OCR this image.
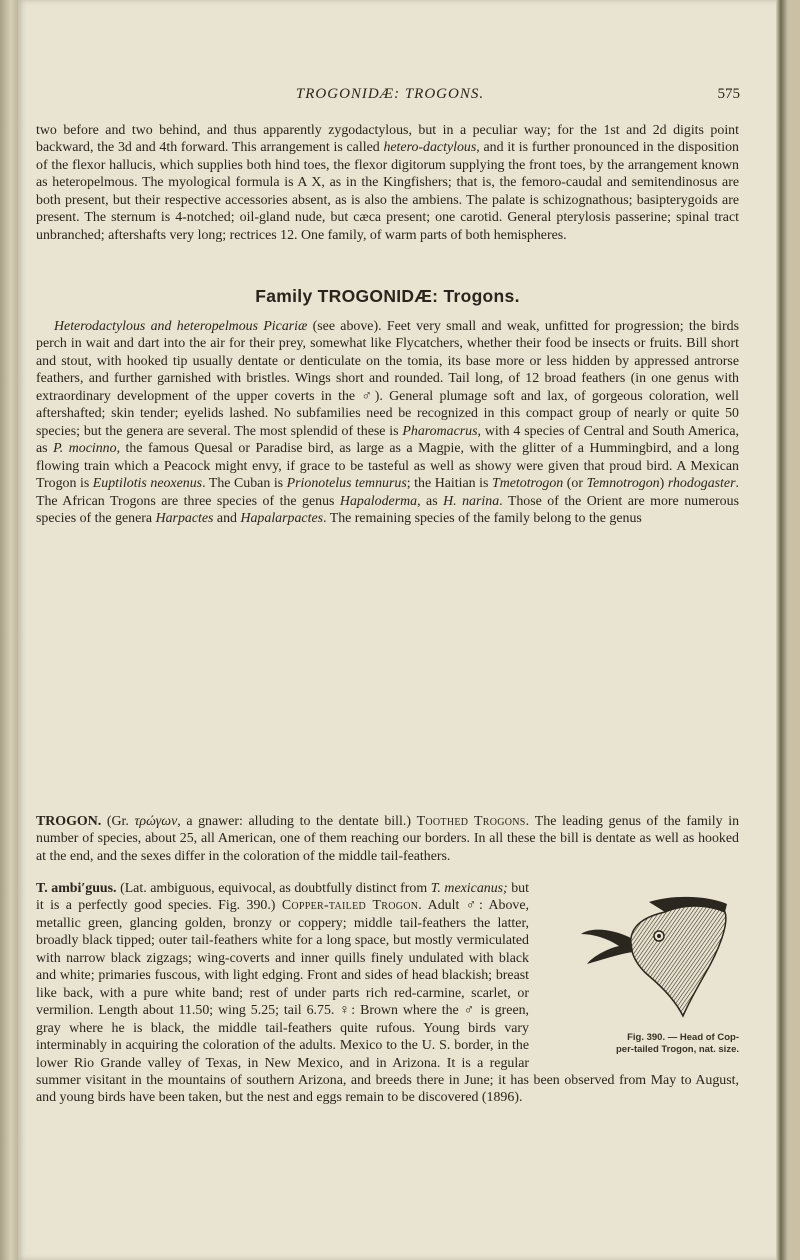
TROGONIDÆ: TROGONS.	575
two before and two behind, and thus apparently zygodactylous, but in a peculiar way; for the 1st and 2d digits point backward, the 3d and 4th forward. This arrangement is called hetero-dactylous, and it is further pronounced in the disposition of the flexor hallucis, which supplies both hind toes, the flexor digitorum supplying the front toes, by the arrangement known as heteropelmous. The myological formula is A X, as in the Kingfishers; that is, the femoro-caudal and semitendinosus are both present, but their respective accessories absent, as is also the ambiens. The palate is schizognathous; basipterygoids are present. The sternum is 4-notched; oil-gland nude, but cæca present; one carotid. General pterylosis passerine; spinal tract unbranched; aftershafts very long; rectrices 12. One family, of warm parts of both hemispheres.
Family TROGONIDÆ: Trogons.
Heterodactylous and heteropelmous Picariæ (see above). Feet very small and weak, unfitted for progression; the birds perch in wait and dart into the air for their prey, somewhat like Flycatchers, whether their food be insects or fruits. Bill short and stout, with hooked tip usually dentate or denticulate on the tomia, its base more or less hidden by appressed antrorse feathers, and further garnished with bristles. Wings short and rounded. Tail long, of 12 broad feathers (in one genus with extraordinary development of the upper coverts in the ♂). General plumage soft and lax, of gorgeous coloration, well aftershafted; skin tender; eyelids lashed. No subfamilies need be recognized in this compact group of nearly or quite 50 species; but the genera are several. The most splendid of these is Pharomacrus, with 4 species of Central and South America, as P. mocinno, the famous Quesal or Paradise bird, as large as a Magpie, with the glitter of a Hummingbird, and a long flowing train which a Peacock might envy, if grace to be tasteful as well as showy were given that proud bird. A Mexican Trogon is Euptilotis neoxenus. The Cuban is Prionotelus temnurus; the Haitian is Tmetotrogon (or Temnotrogon) rhodogaster. The African Trogons are three species of the genus Hapaloderma, as H. narina. Those of the Orient are more numerous species of the genera Harpactes and Hapalarpactes. The remaining species of the family belong to the genus
TROGON. (Gr. τρώγων, a gnawer: alluding to the dentate bill.) Toothed Trogons. The leading genus of the family in number of species, about 25, all American, one of them reaching our borders. In all these the bill is dentate as well as hooked at the end, and the sexes differ in the coloration of the middle tail-feathers.
Fig. 390. — Head of Cop-
per-tailed Trogon, nat. size.
T. ambi′guus. (Lat. ambiguous, equivocal, as doubtfully distinct from T. mexicanus; but it is a perfectly good species. Fig. 390.) Copper-tailed Trogon. Adult ♂: Above, metallic green, glancing golden, bronzy or coppery; middle tail-feathers the latter, broadly black tipped; outer tail-feathers white for a long space, but mostly vermiculated with narrow black zigzags; wing-coverts and inner quills finely undulated with black and white; primaries fuscous, with light edging. Front and sides of head blackish; breast like back, with a pure white band; rest of under parts rich red-carmine, scarlet, or vermilion. Length about 11.50; wing 5.25; tail 6.75. ♀: Brown where the ♂ is green, gray where he is black, the middle tail-feathers quite rufous. Young birds vary interminably in acquiring the coloration of the adults. Mexico to the U. S. border, in the lower Rio Grande valley of Texas, in New Mexico, and in Arizona. It is a regular summer visitant in the mountains of southern Arizona, and breeds there in June; it has been observed from May to August, and young birds have been taken, but the nest and eggs remain to be discovered (1896).
